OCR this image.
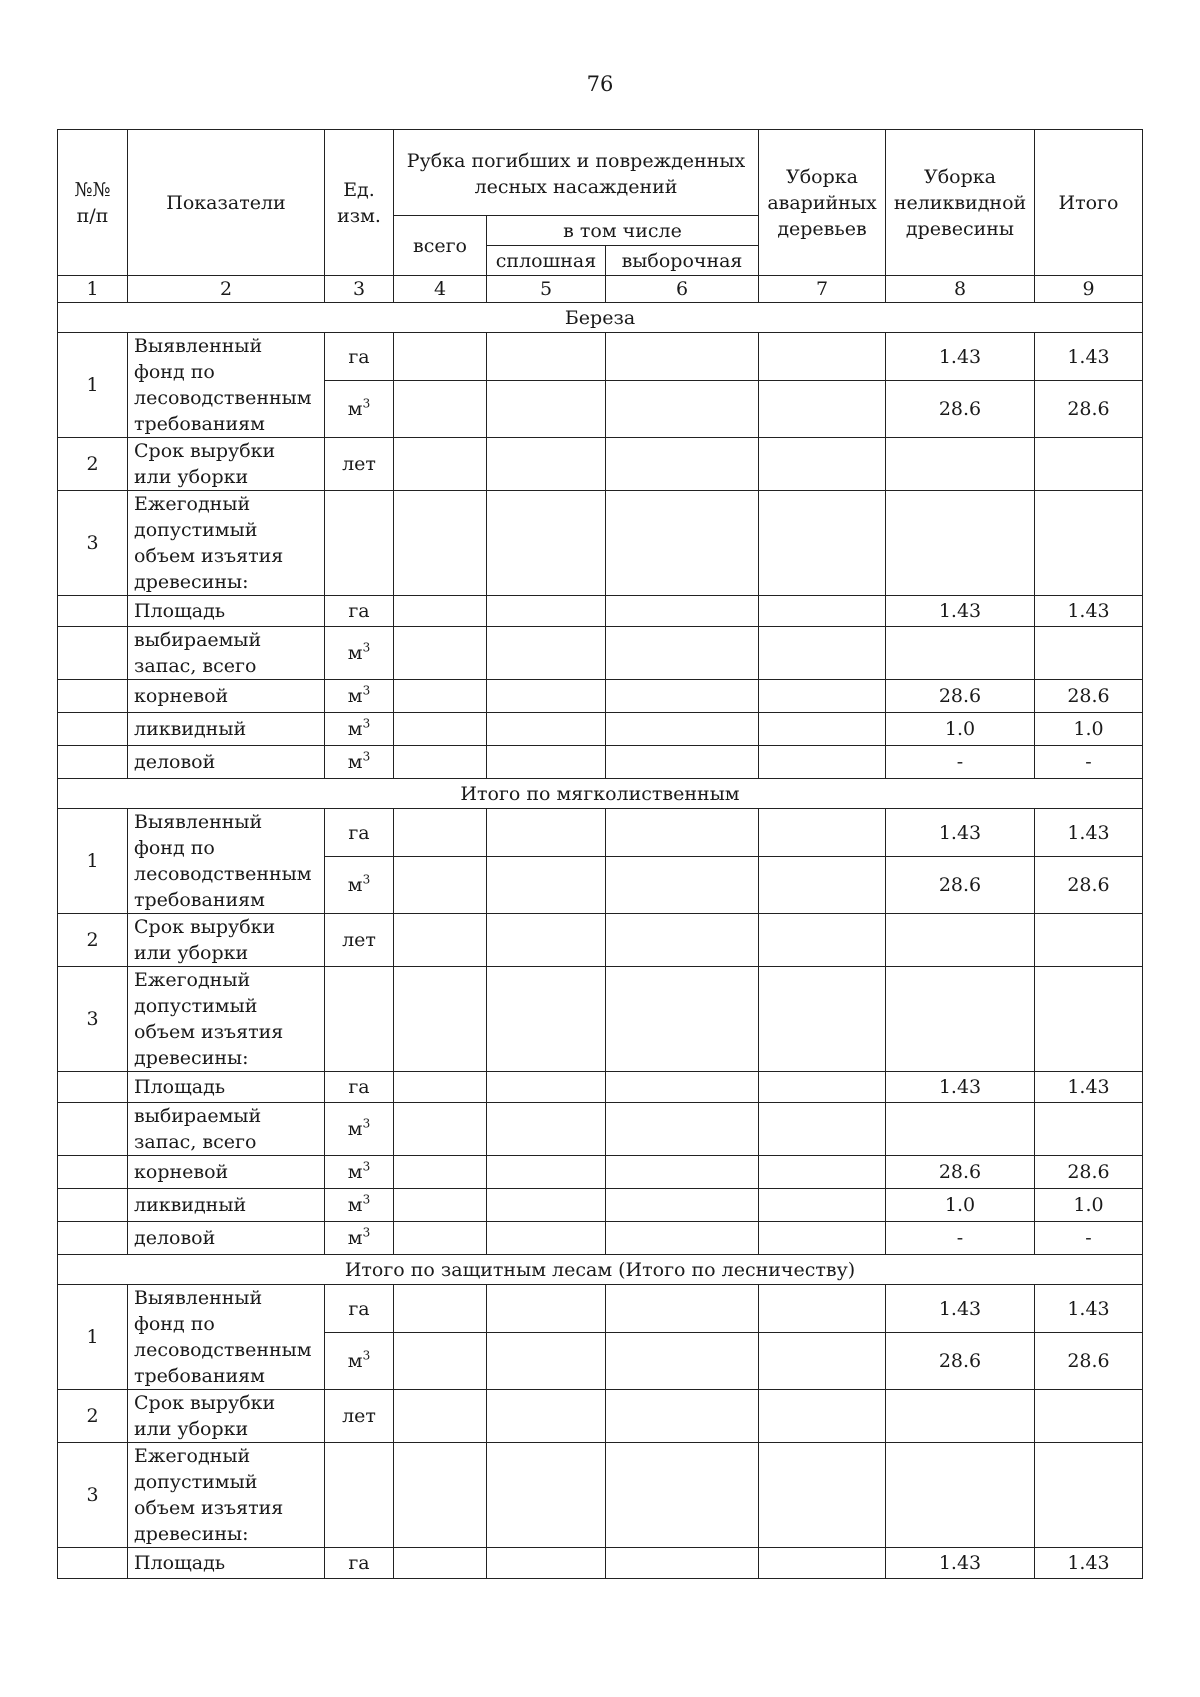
76
№№ п/п	Показатели	Ед. изм.	Рубка погибших и поврежденных лесных насаждений			Уборка аварийных деревьев	Уборка неликвидной древесины	Итого
			всего	в том числе				
				сплошная	выборочная			
1	2	3	4	5	6	7	8	9
Береза								
1	Выявленный фонд по лесоводственным требованиям	га					1.43	1.43
		$м^3$					28.6	28.6
2	Срок вырубки или уборки	лет						
3	Ежегодный допустимый объем изъятия древесины:							
	Площадь	га					1.43	1.43
	выбираемый запас, всего	$м^3$						
	корневой	$м^3$					28.6	28.6
	ликвидный	$м^3$					1.0	1.0
	деловой	$м^3$					-	-
Итого по мягколиственным								
1	Выявленный фонд по лесоводственным требованиям	га					1.43	1.43
		$м^3$					28.6	28.6
2	Срок вырубки или уборки	лет						
3	Ежегодный допустимый объем изъятия древесины:							
	Площадь	га					1.43	1.43
	выбираемый запас, всего	$м^3$						
	корневой	$м^3$					28.6	28.6
	ликвидный	$м^3$					1.0	1.0
	деловой	$м^3$					-	-
Итого по защитным лесам (Итого по лесничеству)								
1	Выявленный фонд по лесоводственным требованиям	га					1.43	1.43
		$м^3$					28.6	28.6
2	Срок вырубки или уборки	лет						
3	Ежегодный допустимый объем изъятия древесины:							
	Площадь	га					1.43	1.43
